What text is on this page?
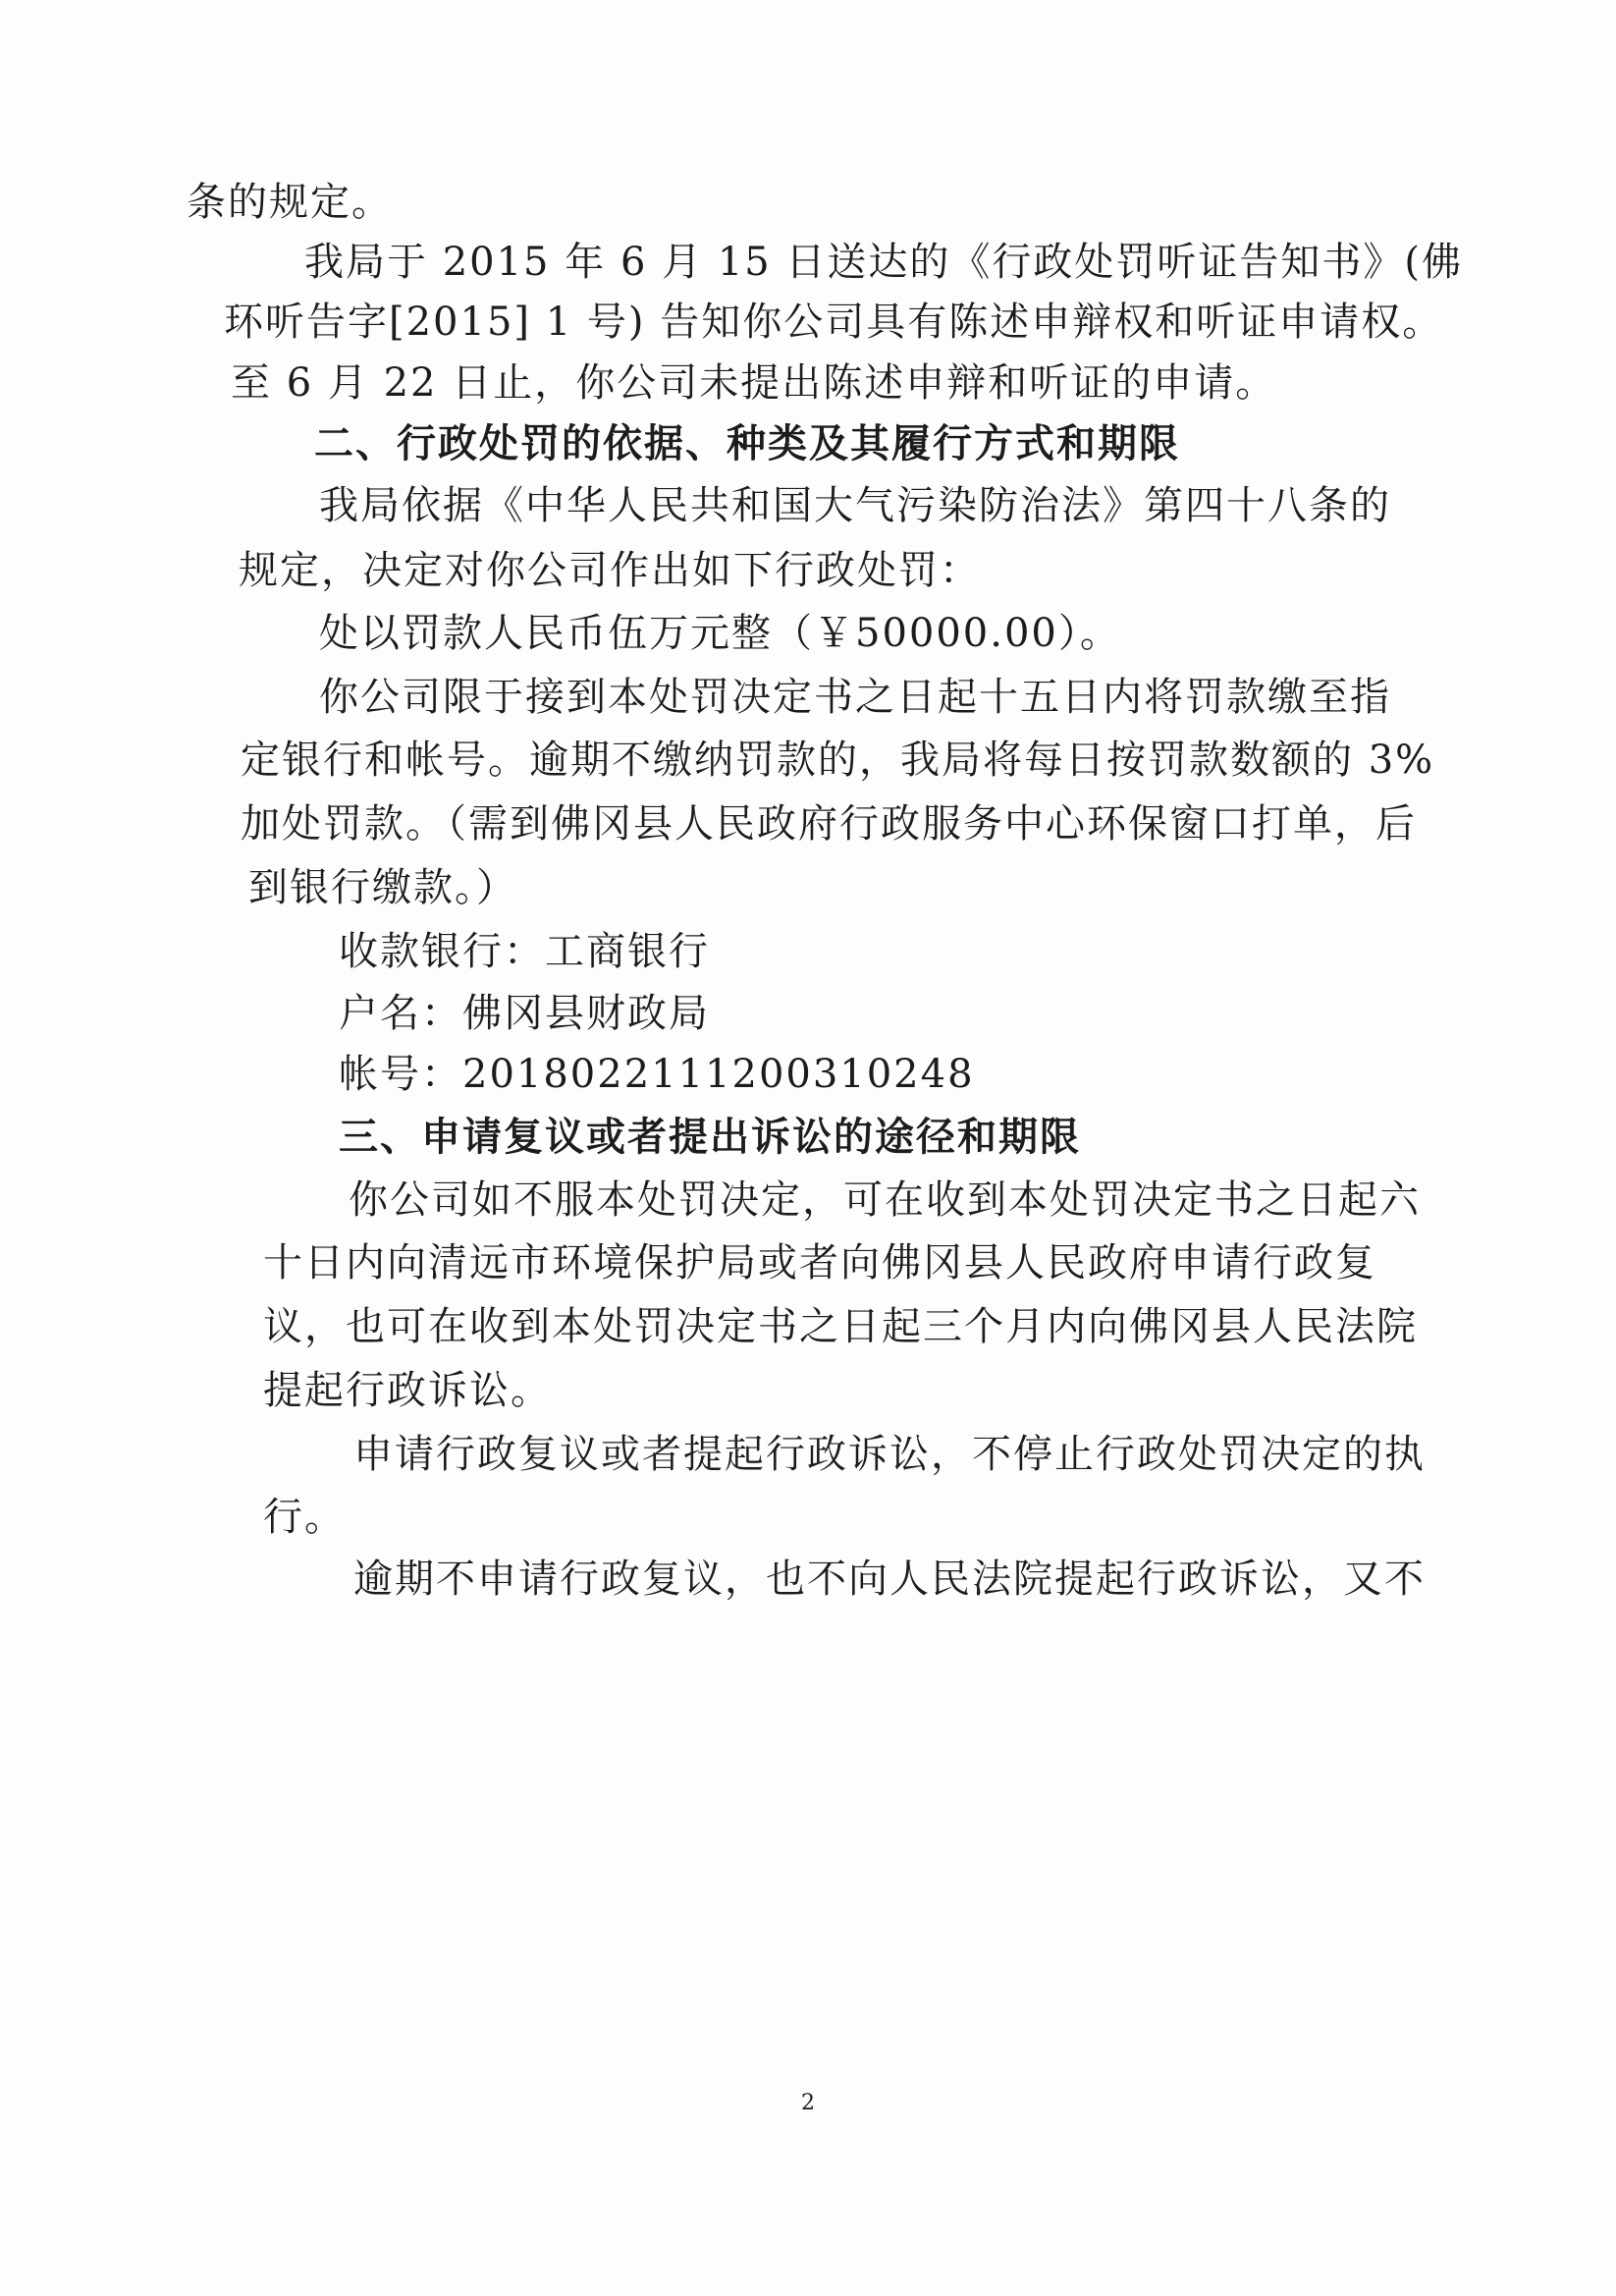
条的规定。
我局于 2015 年 6 月 15 日送达的《行政处罚听证告知书》(佛
环听告字[2015] 1 号) 告知你公司具有陈述申辩权和听证申请权。
至 6 月 22 日止，你公司未提出陈述申辩和听证的申请。
二、行政处罚的依据、种类及其履行方式和期限
我局依据《中华人民共和国大气污染防治法》第四十八条的
规定，决定对你公司作出如下行政处罚：
处以罚款人民币伍万元整（￥50000.00）。
你公司限于接到本处罚决定书之日起十五日内将罚款缴至指
定银行和帐号。逾期不缴纳罚款的，我局将每日按罚款数额的 3%
加处罚款。（需到佛冈县人民政府行政服务中心环保窗口打单，后
到银行缴款。）
收款银行：工商银行
户名：佛冈县财政局
帐号：2018022111200310248
三、申请复议或者提出诉讼的途径和期限
你公司如不服本处罚决定，可在收到本处罚决定书之日起六
十日内向清远市环境保护局或者向佛冈县人民政府申请行政复
议，也可在收到本处罚决定书之日起三个月内向佛冈县人民法院
提起行政诉讼。
申请行政复议或者提起行政诉讼，不停止行政处罚决定的执
行。
逾期不申请行政复议，也不向人民法院提起行政诉讼，又不
2
